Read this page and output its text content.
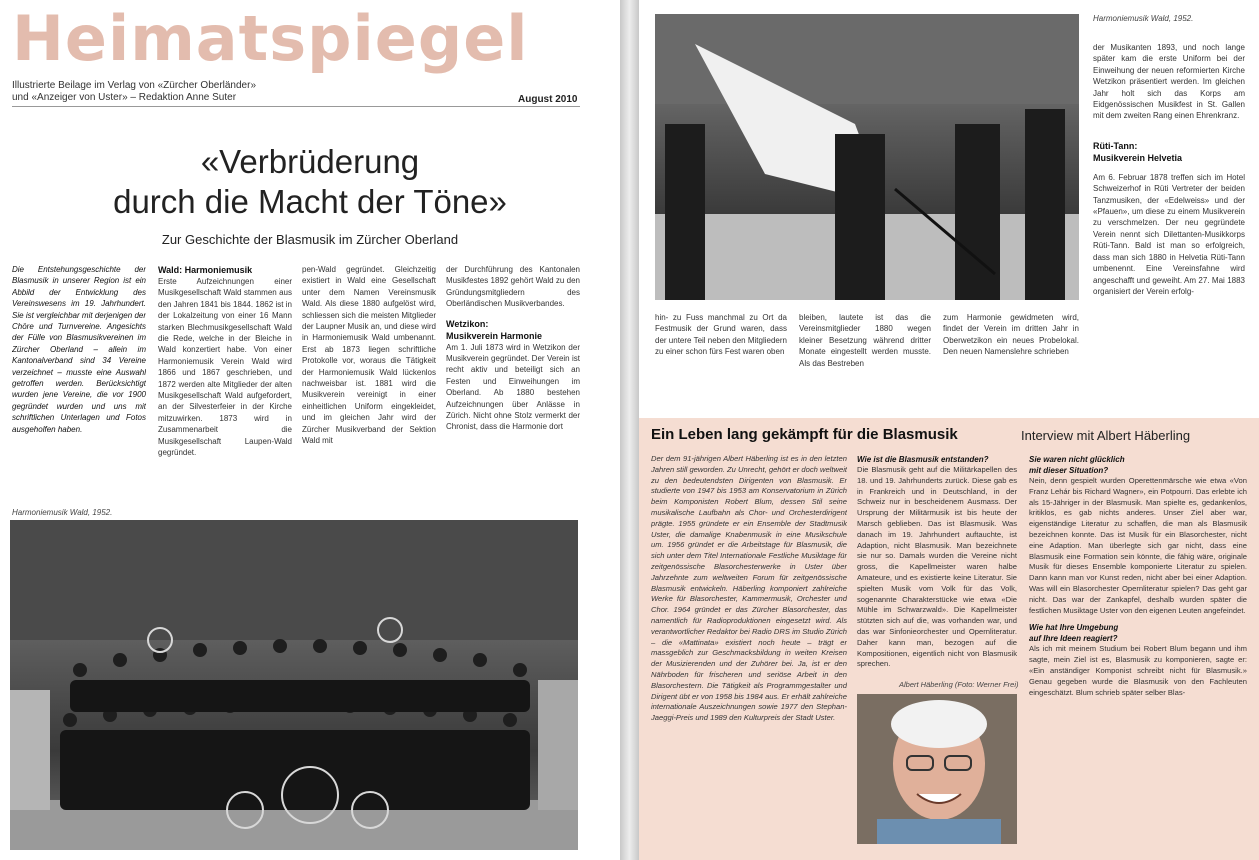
Heimatspiegel
Illustrierte Beilage im Verlag von «Zürcher Oberländer»
und «Anzeiger von Uster» – Redaktion Anne Suter	August 2010
«Verbrüderung
durch die Macht der Töne»
Zur Geschichte der Blasmusik im Zürcher Oberland
Die Entstehungsgeschichte der Blasmusik in unserer Region ist ein Abbild der Entwicklung des Vereinswesens im 19. Jahrhundert. Sie ist vergleichbar mit derjenigen der Chöre und Turnvereine. Angesichts der Fülle von Blasmusikvereinen im Zürcher Oberland – allein im Kantonalverband sind 34 Vereine verzeichnet – musste eine Auswahl getroffen werden. Berücksichtigt wurden jene Vereine, die vor 1900 gegründet wurden und uns mit schriftlichen Unterlagen und Fotos ausgeholfen haben.
Wald: Harmoniemusik

Erste Aufzeichnungen einer Musikgesellschaft Wald stammen aus den Jahren 1841 bis 1844. 1862 ist in der Lokalzeitung von einer 16 Mann starken Blechmusikgesellschaft Wald die Rede, welche in der Bleiche in Wald konzertiert habe. Von einer Harmoniemusik Verein Wald wird 1866 und 1867 geschrieben, und 1872 werden alte Mitglieder der alten Musikgesellschaft Wald aufgefordert, an der Silvesterfeier in der Kirche mitzuwirken. 1873 wird in Zusammenarbeit die Musikgesellschaft Laupen-Wald gegründet.

pen-Wald gegründet. Gleichzeitig existiert in Wald eine Gesellschaft unter dem Namen Vereinsmusik Wald. Als diese 1880 aufgelöst wird, schliessen sich die meisten Mitglieder der Laupner Musik an, und diese wird in Harmoniemusik Wald umbenannt. Erst ab 1873 liegen schriftliche Protokolle vor, woraus die Tätigkeit der Harmoniemusik Wald lückenlos nachweisbar ist. 1881 wird die Musikverein vereinigt in einer einheitlichen Uniform eingekleidet, und im gleichen Jahr wird der Zürcher Musikverband der Sektion Wald mit

der Durchführung des Kantonalen Musikfestes 1892 gehört Wald zu den Gründungsmitgliedern des Oberländischen Musikverbandes.

Wetzikon:
Musikverein Harmonie

Am 1. Juli 1873 wird in Wetzikon der Musikverein gegründet. Der Verein ist recht aktiv und beteiligt sich an Festen und Einweihungen im Oberland. Ab 1880 bestehen Aufzeichnungen über Anlässe in Zürich. Nicht ohne Stolz vermerkt der Chronist, dass die Harmonie dort

Harmoniemusik Wald, 1952.
Harmoniemusik Wald, 1952.

der Musikanten 1893, und noch lange später kam die erste Uniform bei der Einweihung der neuen reformierten Kirche Wetzikon präsentiert werden. Im gleichen Jahr holt sich das Korps am Eidgenössischen Musikfest in St. Gallen mit dem zweiten Rang einen Ehrenkranz.

Rüti-Tann:
Musikverein Helvetia

Am 6. Februar 1878 treffen sich im Hotel Schweizerhof in Rüti Vertreter der beiden Tanzmusiken, der «Edelweiss» und der «Pfauen», um diese zu einem Musikverein zu verschmelzen. Der neu gegründete Verein nennt sich Dilettanten-Musikkorps Rüti-Tann. Bald ist man so erfolgreich, dass man sich 1880 in Helvetia Rüti-Tann umbenennt. Eine Vereinsfahne wird angeschafft und geweiht. Am 27. Mai 1883 organisiert der Verein erfolg-

hin- zu Fuss manchmal zu Ort da Festmusik der Grund waren, dass der untere Teil neben den Mitgliedern zu einer schon fürs Fest waren oben
bleiben, lautete ist das die Vereinsmitglieder 1880 wegen kleiner Besetzung während dritter Monate eingestellt werden musste. Als das Bestreben
zum Harmonie gewidmeten wird, findet der Verein im dritten Jahr in Oberwetzikon ein neues Probelokal. Den neuen Namenslehre schrieben
Ein Leben lang gekämpft für die Blasmusik	Interview mit Albert Häberling
Der dem 91-jährigen Albert Häberling ist es in den letzten Jahren still geworden. Zu Unrecht, gehört er doch weltweit zu den bedeutendsten Dirigenten von Blasmusik. Er studierte von 1947 bis 1953 am Konservatorium in Zürich beim Komponisten Robert Blum, dessen Stil seine musikalische Laufbahn als Chor- und Orchesterdirigent prägte. 1955 gründete er ein Ensemble der Stadtmusik Uster, die damalige Knabenmusik in eine Musikschule um. 1956 gründet er die Arbeitstage für Blasmusik, die sich unter dem Titel Internationale Festliche Musiktage für zeitgenössische Blasorchesterwerke in Uster über Jahrzehnte zum weltweiten Forum für zeitgenössische Blasmusik entwickeln. Häberling komponiert zahlreiche Werke für Blasorchester, Kammermusik, Orchester und Chor. 1964 gründet er das Zürcher Blasorchester, das namentlich für Radioproduktionen eingesetzt wird. Als verantwortlicher Redaktor bei Radio DRS im Studio Zürich – die «Mattinata» existiert noch heute – trägt er massgeblich zur Geschmacksbildung in weiten Kreisen der Musizierenden und der Zuhörer bei. Ja, ist er den Nährboden für frischeren und seriöse Arbeit in den Blasorchestern. Die Tätigkeit als Programmgestalter und Dirigent übt er von 1958 bis 1984 aus. Er erhält zahlreiche internationale Auszeichnungen sowie 1977 den Stephan-Jaeggi-Preis und 1989 den Kulturpreis der Stadt Uster.
Wie ist die Blasmusik entstanden?

Die Blasmusik geht auf die Militärkapellen des 18. und 19. Jahrhunderts zurück. Diese gab es in Frankreich und in Deutschland, in der Schweiz nur in bescheidenem Ausmass. Der Ursprung der Militärmusik ist bis heute der Marsch geblieben. Das ist Blasmusik. Was danach im 19. Jahrhundert auftauchte, ist Adaption, nicht Blasmusik. Man bezeichnete sie nur so. Damals wurden die Vereine nicht gross, die Kapellmeister waren halbe Amateure, und es existierte keine Literatur. Sie spielten Musik vom Volk für das Volk, sogenannte Charakterstücke wie etwa «Die Mühle im Schwarzwald». Die Kapellmeister stützten sich auf die, was vorhanden war, und das war Sinfonieorchester und Opernliteratur. Daher kann man, bezogen auf die Kompositionen, eigentlich nicht von Blasmusik sprechen.

Albert Häberling (Foto: Werner Frei)
Sie waren nicht glücklich
mit dieser Situation?

Nein, denn gespielt wurden Operettenmärsche wie etwa «Von Franz Lehár bis Richard Wagner», ein Potpourri. Das erlebte ich als 15-Jähriger in der Blasmusik. Man spielte es, gedankenlos, kritiklos, es gab nichts anderes. Unser Ziel aber war, eigenständige Literatur zu schaffen, die man als Blasmusik bezeichnen konnte. Das ist Musik für ein Blasorchester, nicht eine Adaption. Man überlegte sich gar nicht, dass eine Blasmusik eine Formation sein könnte, die fähig wäre, originale Musik für dieses Ensemble komponierte Literatur zu spielen. Dann kann man vor Kunst reden, nicht aber bei einer Adaption. Was will ein Blasorchester Opernliteratur spielen? Das geht gar nicht. Das war der Zankapfel, deshalb wurden später die festlichen Musiktage Uster von den eigenen Leuten angefeindet.

Wie hat Ihre Umgebung
auf Ihre Ideen reagiert?

Als ich mit meinem Studium bei Robert Blum begann und ihm sagte, mein Ziel ist es, Blasmusik zu komponieren, sagte er: «Ein anständiger Komponist schreibt nicht für Blasmusik.» Genau gegeben wurde die Blasmusik von den Fachleuten eingeschätzt. Blum schrieb später selber Blas-
